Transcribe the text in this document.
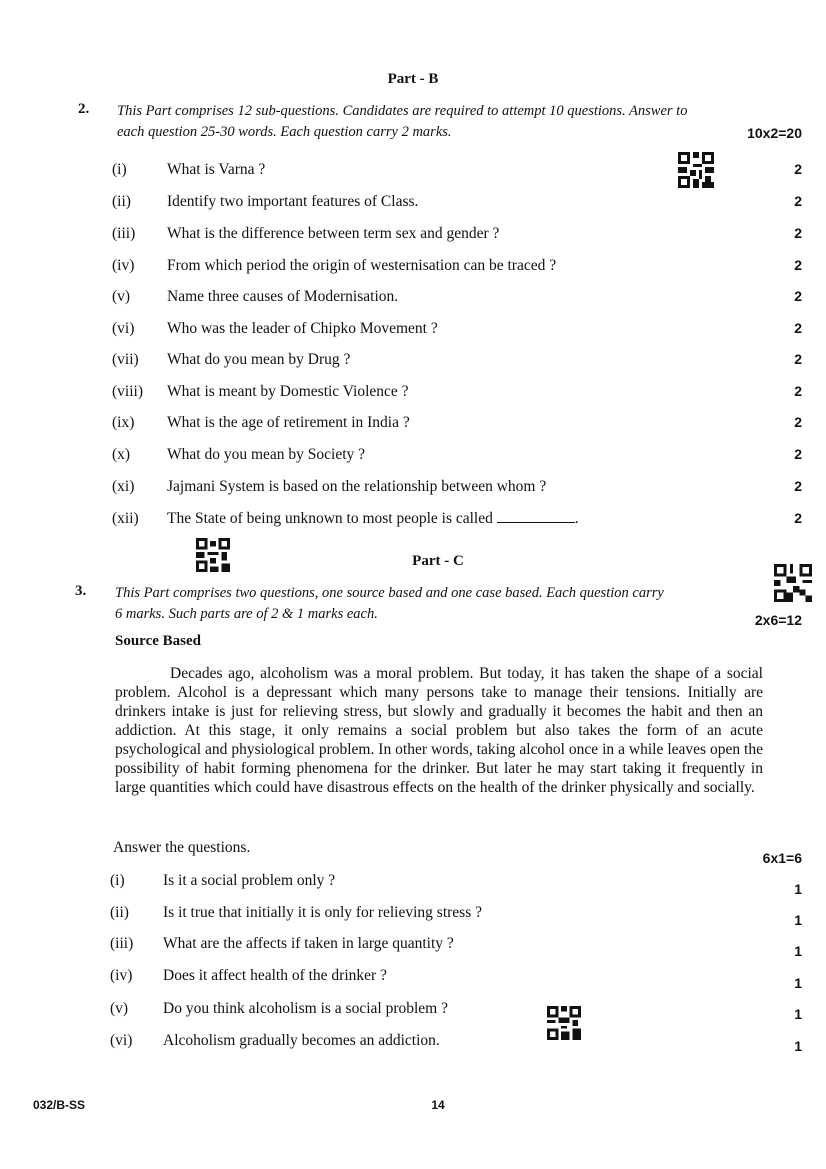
Part - B
2. This Part comprises 12 sub-questions. Candidates are required to attempt 10 questions. Answer to
each question 25-30 words. Each question carry 2 marks.	10x2=20
(i)	What is Varna ?	2
(ii) Identify two important features of Class.	2
(iii) What is the difference between term sex and gender ?	2
(iv) From which period the origin of westernisation can be traced ?	2
(v) Name three causes of Modernisation.	2
(vi) Who was the leader of Chipko Movement ?	2
(vii) What do you mean by Drug ?	2
(viii) What is meant by Domestic Violence ?	2
(ix) What is the age of retirement in India ?	2
(x) What do you mean by Society ?	2
(xi) Jajmani System is based on the relationship between whom ?	2
(xii) The State of being unknown to most people is called	.	2
Part - C
3. This Part comprises two questions, one source based and one case based. Each question carry
6 marks. Such parts are of 2 & 1 marks each.	2x6=12
Source Based
Decades ago, alcoholism was a moral problem. But today, it has taken the shape of a social problem. Alcohol is a depressant which many persons take to manage their tensions. Initially are drinkers intake is just for relieving stress, but slowly and gradually it becomes the habit and then an addiction. At this stage, it only remains a social problem but also takes the form of an acute psychological and physiological problem. In other words, taking alcohol once in a while leaves open the possibility of habit forming phenomena for the drinker. But later he may start taking it frequently in large quantities which could have disastrous effects on the health of the drinker physically and socially.
Answer the questions.
6x1=6
(i) Is it a social problem only ?	1
(ii) Is it true that initially it is only for relieving stress ?	1
(iii) What are the affects if taken in large quantity ?	1
(iv) Does it affect health of the drinker ?	1
(v) Do you think alcoholism is a social problem ?	1
(vi) Alcoholism gradually becomes an addiction.	1
032/B-SS	14
